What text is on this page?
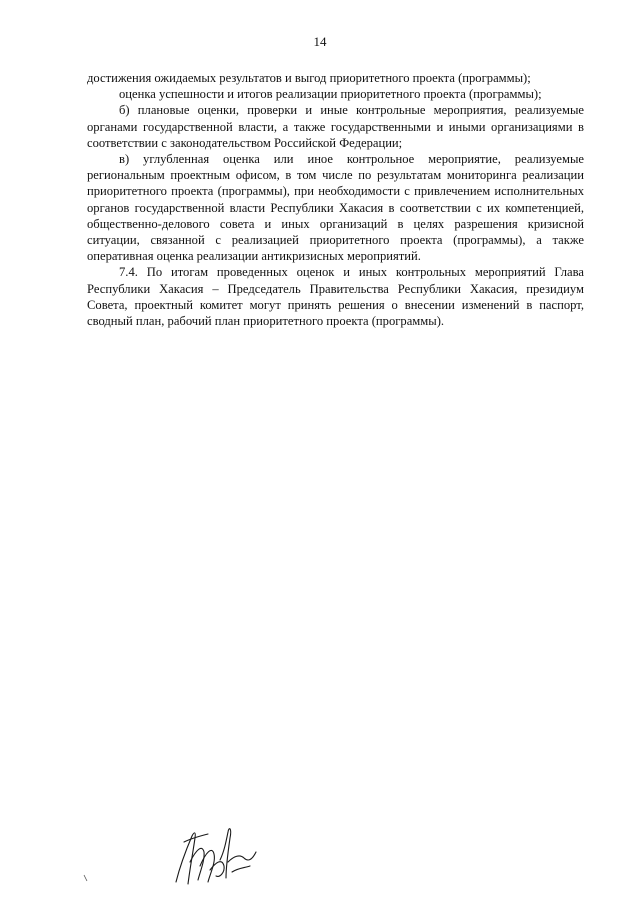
14

достижения ожидаемых результатов и выгод приоритетного проекта (программы);

оценка успешности и итогов реализации приоритетного проекта (программы);

б) плановые оценки, проверки и иные контрольные мероприятия, реализуемые органами государственной власти, а также государственными и иными организациями в соответствии с законодательством Российской Федерации;

в) углубленная оценка или иное контрольное мероприятие, реализуемые региональным проектным офисом, в том числе по результатам мониторинга реализации приоритетного проекта (программы), при необходимости с привлечением исполнительных органов государственной власти Республики Хакасия в соответствии с их компетенцией, общественно-делового совета и иных организаций в целях разрешения кризисной ситуации, связанной с реализацией приоритетного проекта (программы), а также оперативная оценка реализации антикризисных мероприятий.

7.4. По итогам проведенных оценок и иных контрольных мероприятий Глава Республики Хакасия – Председатель Правительства Республики Хакасия, президиум Совета, проектный комитет могут принять решения о внесении изменений в паспорт, сводный план, рабочий план приоритетного проекта (программы).
